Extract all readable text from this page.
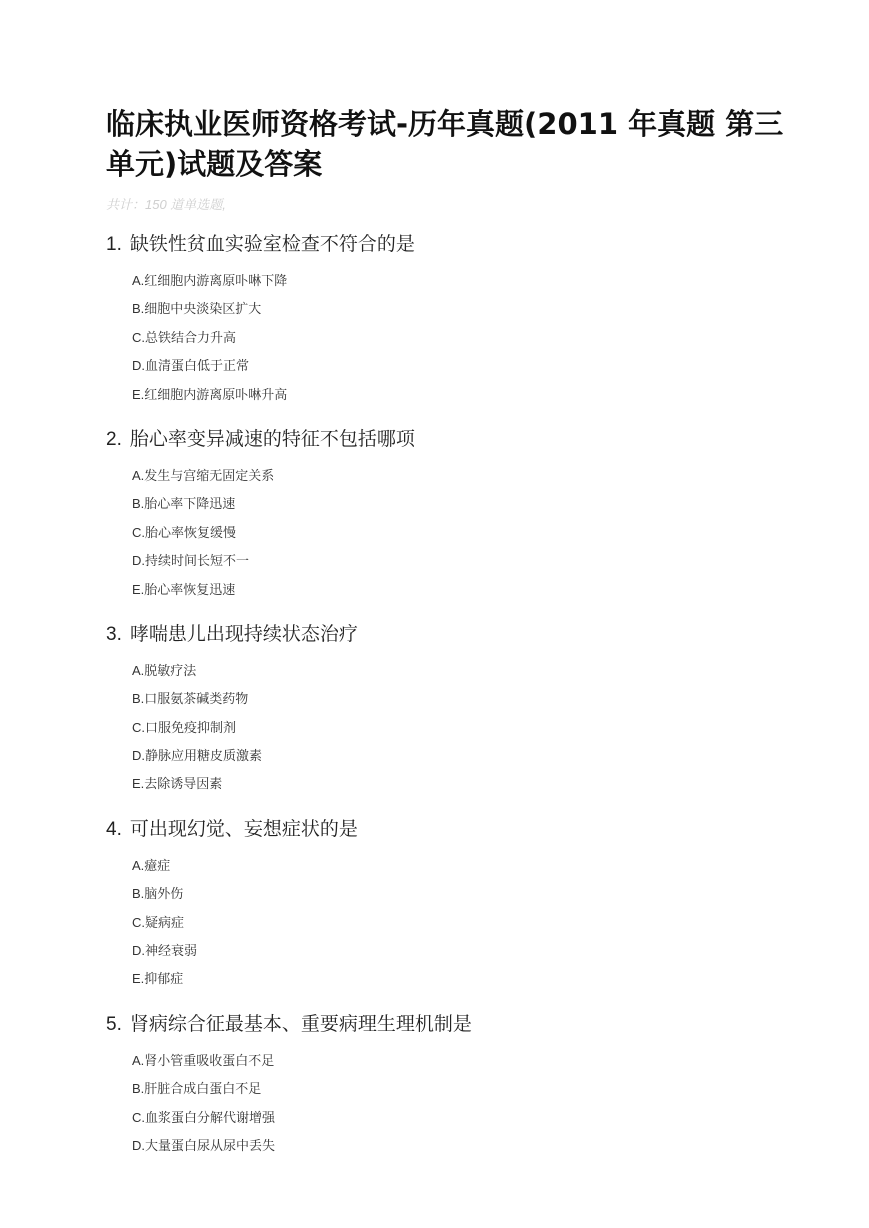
临床执业医师资格考试-历年真题(2011 年真题 第三单元)试题及答案
共计：150 道单选题,
1.
缺铁性贫血实验室检查不符合的是
A.红细胞内游离原卟啉下降
B.细胞中央淡染区扩大
C.总铁结合力升高
D.血清蛋白低于正常
E.红细胞内游离原卟啉升高
2.
胎心率变异减速的特征不包括哪项
A.发生与宫缩无固定关系
B.胎心率下降迅速
C.胎心率恢复缓慢
D.持续时间长短不一
E.胎心率恢复迅速
3.
哮喘患儿出现持续状态治疗
A.脱敏疗法
B.口服氨茶碱类药物
C.口服免疫抑制剂
D.静脉应用糖皮质激素
E.去除诱导因素
4.
可出现幻觉、妄想症状的是
A.癔症
B.脑外伤
C.疑病症
D.神经衰弱
E.抑郁症
5.
肾病综合征最基本、重要病理生理机制是
A.肾小管重吸收蛋白不足
B.肝脏合成白蛋白不足
C.血浆蛋白分解代谢增强
D.大量蛋白尿从尿中丢失
